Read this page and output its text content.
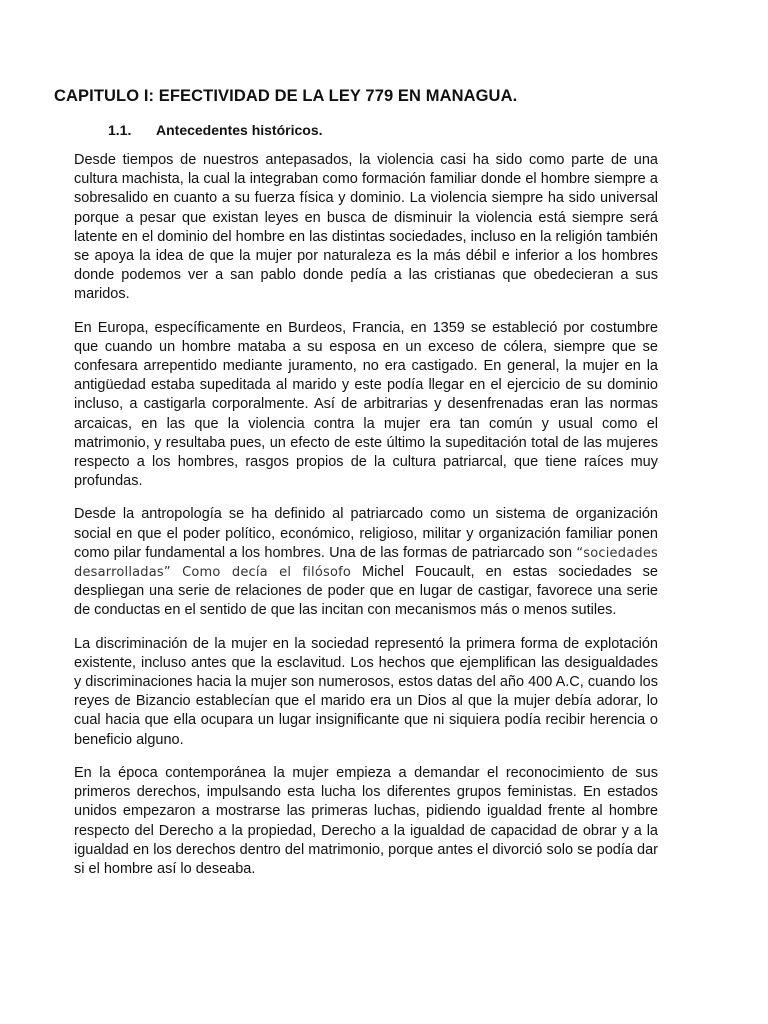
CAPITULO I: EFECTIVIDAD DE LA LEY 779 EN MANAGUA.
1.1. Antecedentes históricos.

Desde tiempos de nuestros antepasados, la violencia casi ha sido como parte de una cultura machista, la cual la integraban como formación familiar donde el hombre siempre a sobresalido en cuanto a su fuerza física y dominio. La violencia siempre ha sido universal porque a pesar que existan leyes en busca de disminuir la violencia está siempre será latente en el dominio del hombre en las distintas sociedades, incluso en la religión también se apoya la idea de que la mujer por naturaleza es la más débil e inferior a los hombres donde podemos ver a san pablo donde pedía a las cristianas que obedecieran a sus maridos.

En Europa, específicamente en Burdeos, Francia, en 1359 se estableció por costumbre que cuando un hombre mataba a su esposa en un exceso de cólera, siempre que se confesara arrepentido mediante juramento, no era castigado. En general, la mujer en la antigüedad estaba supeditada al marido y este podía llegar en el ejercicio de su dominio incluso, a castigarla corporalmente. Así de arbitrarias y desenfrenadas eran las normas arcaicas, en las que la violencia contra la mujer era tan común y usual como el matrimonio, y resultaba pues, un efecto de este último la supeditación total de las mujeres respecto a los hombres, rasgos propios de la cultura patriarcal, que tiene raíces muy profundas.

Desde la antropología se ha definido al patriarcado como un sistema de organización social en que el poder político, económico, religioso, militar y organización familiar ponen como pilar fundamental a los hombres. Una de las formas de patriarcado son “sociedades desarrolladas” Como decía el filósofo Michel Foucault, en estas sociedades se despliegan una serie de relaciones de poder que en lugar de castigar, favorece una serie de conductas en el sentido de que las incitan con mecanismos más o menos sutiles.

La discriminación de la mujer en la sociedad representó la primera forma de explotación existente, incluso antes que la esclavitud. Los hechos que ejemplifican las desigualdades y discriminaciones hacia la mujer son numerosos, estos datas del año 400 A.C, cuando los reyes de Bizancio establecían que el marido era un Dios al que la mujer debía adorar, lo cual hacia que ella ocupara un lugar insignificante que ni siquiera podía recibir herencia o beneficio alguno.

En la época contemporánea la mujer empieza a demandar el reconocimiento de sus primeros derechos, impulsando esta lucha los diferentes grupos feministas. En estados unidos empezaron a mostrarse las primeras luchas, pidiendo igualdad frente al hombre respecto del Derecho a la propiedad, Derecho a la igualdad de capacidad de obrar y a la igualdad en los derechos dentro del matrimonio, porque antes el divorció solo se podía dar si el hombre así lo deseaba.
